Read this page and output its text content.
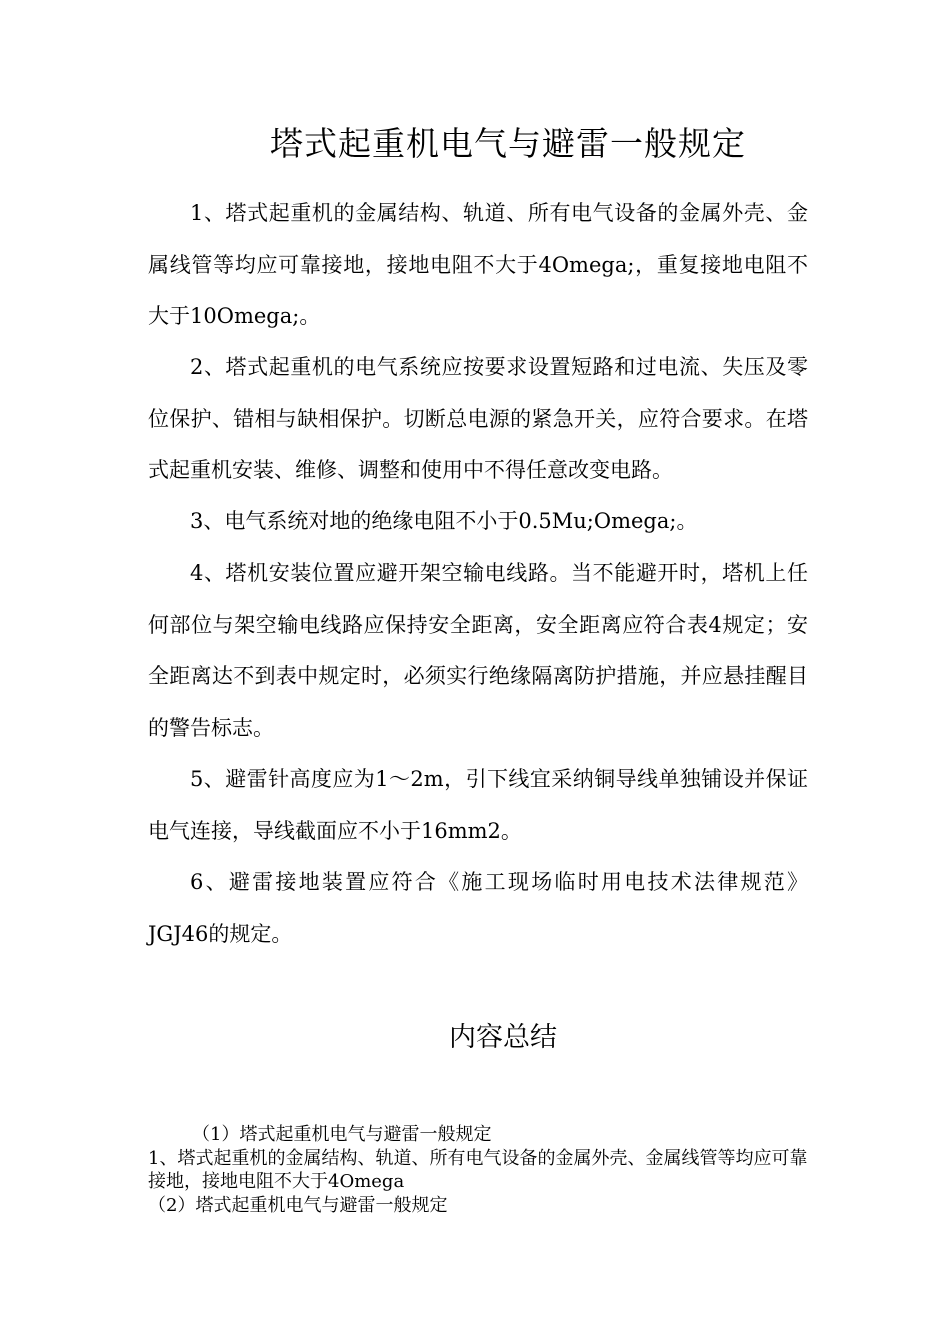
塔式起重机电气与避雷一般规定

1、塔式起重机的金属结构、轨道、所有电气设备的金属外壳、金属线管等均应可靠接地，接地电阻不大于4Omega;，重复接地电阻不大于10Omega;。

2、塔式起重机的电气系统应按要求设置短路和过电流、失压及零位保护、错相与缺相保护。切断总电源的紧急开关，应符合要求。在塔式起重机安装、维修、调整和使用中不得任意改变电路。

3、电气系统对地的绝缘电阻不小于0.5Mu;Omega;。

4、塔机安装位置应避开架空输电线路。当不能避开时，塔机上任何部位与架空输电线路应保持安全距离，安全距离应符合表4规定；安全距离达不到表中规定时，必须实行绝缘隔离防护措施，并应悬挂醒目的警告标志。

5、避雷针高度应为1～2m，引下线宜采纳铜导线单独铺设并保证电气连接，导线截面应不小于16mm2。

6、避雷接地装置应符合《施工现场临时用电技术法律规范》JGJ46的规定。

内容总结

（1）塔式起重机电气与避雷一般规定

1、塔式起重机的金属结构、轨道、所有电气设备的金属外壳、金属线管等均应可靠接地，接地电阻不大于4Omega

（2）塔式起重机电气与避雷一般规定
